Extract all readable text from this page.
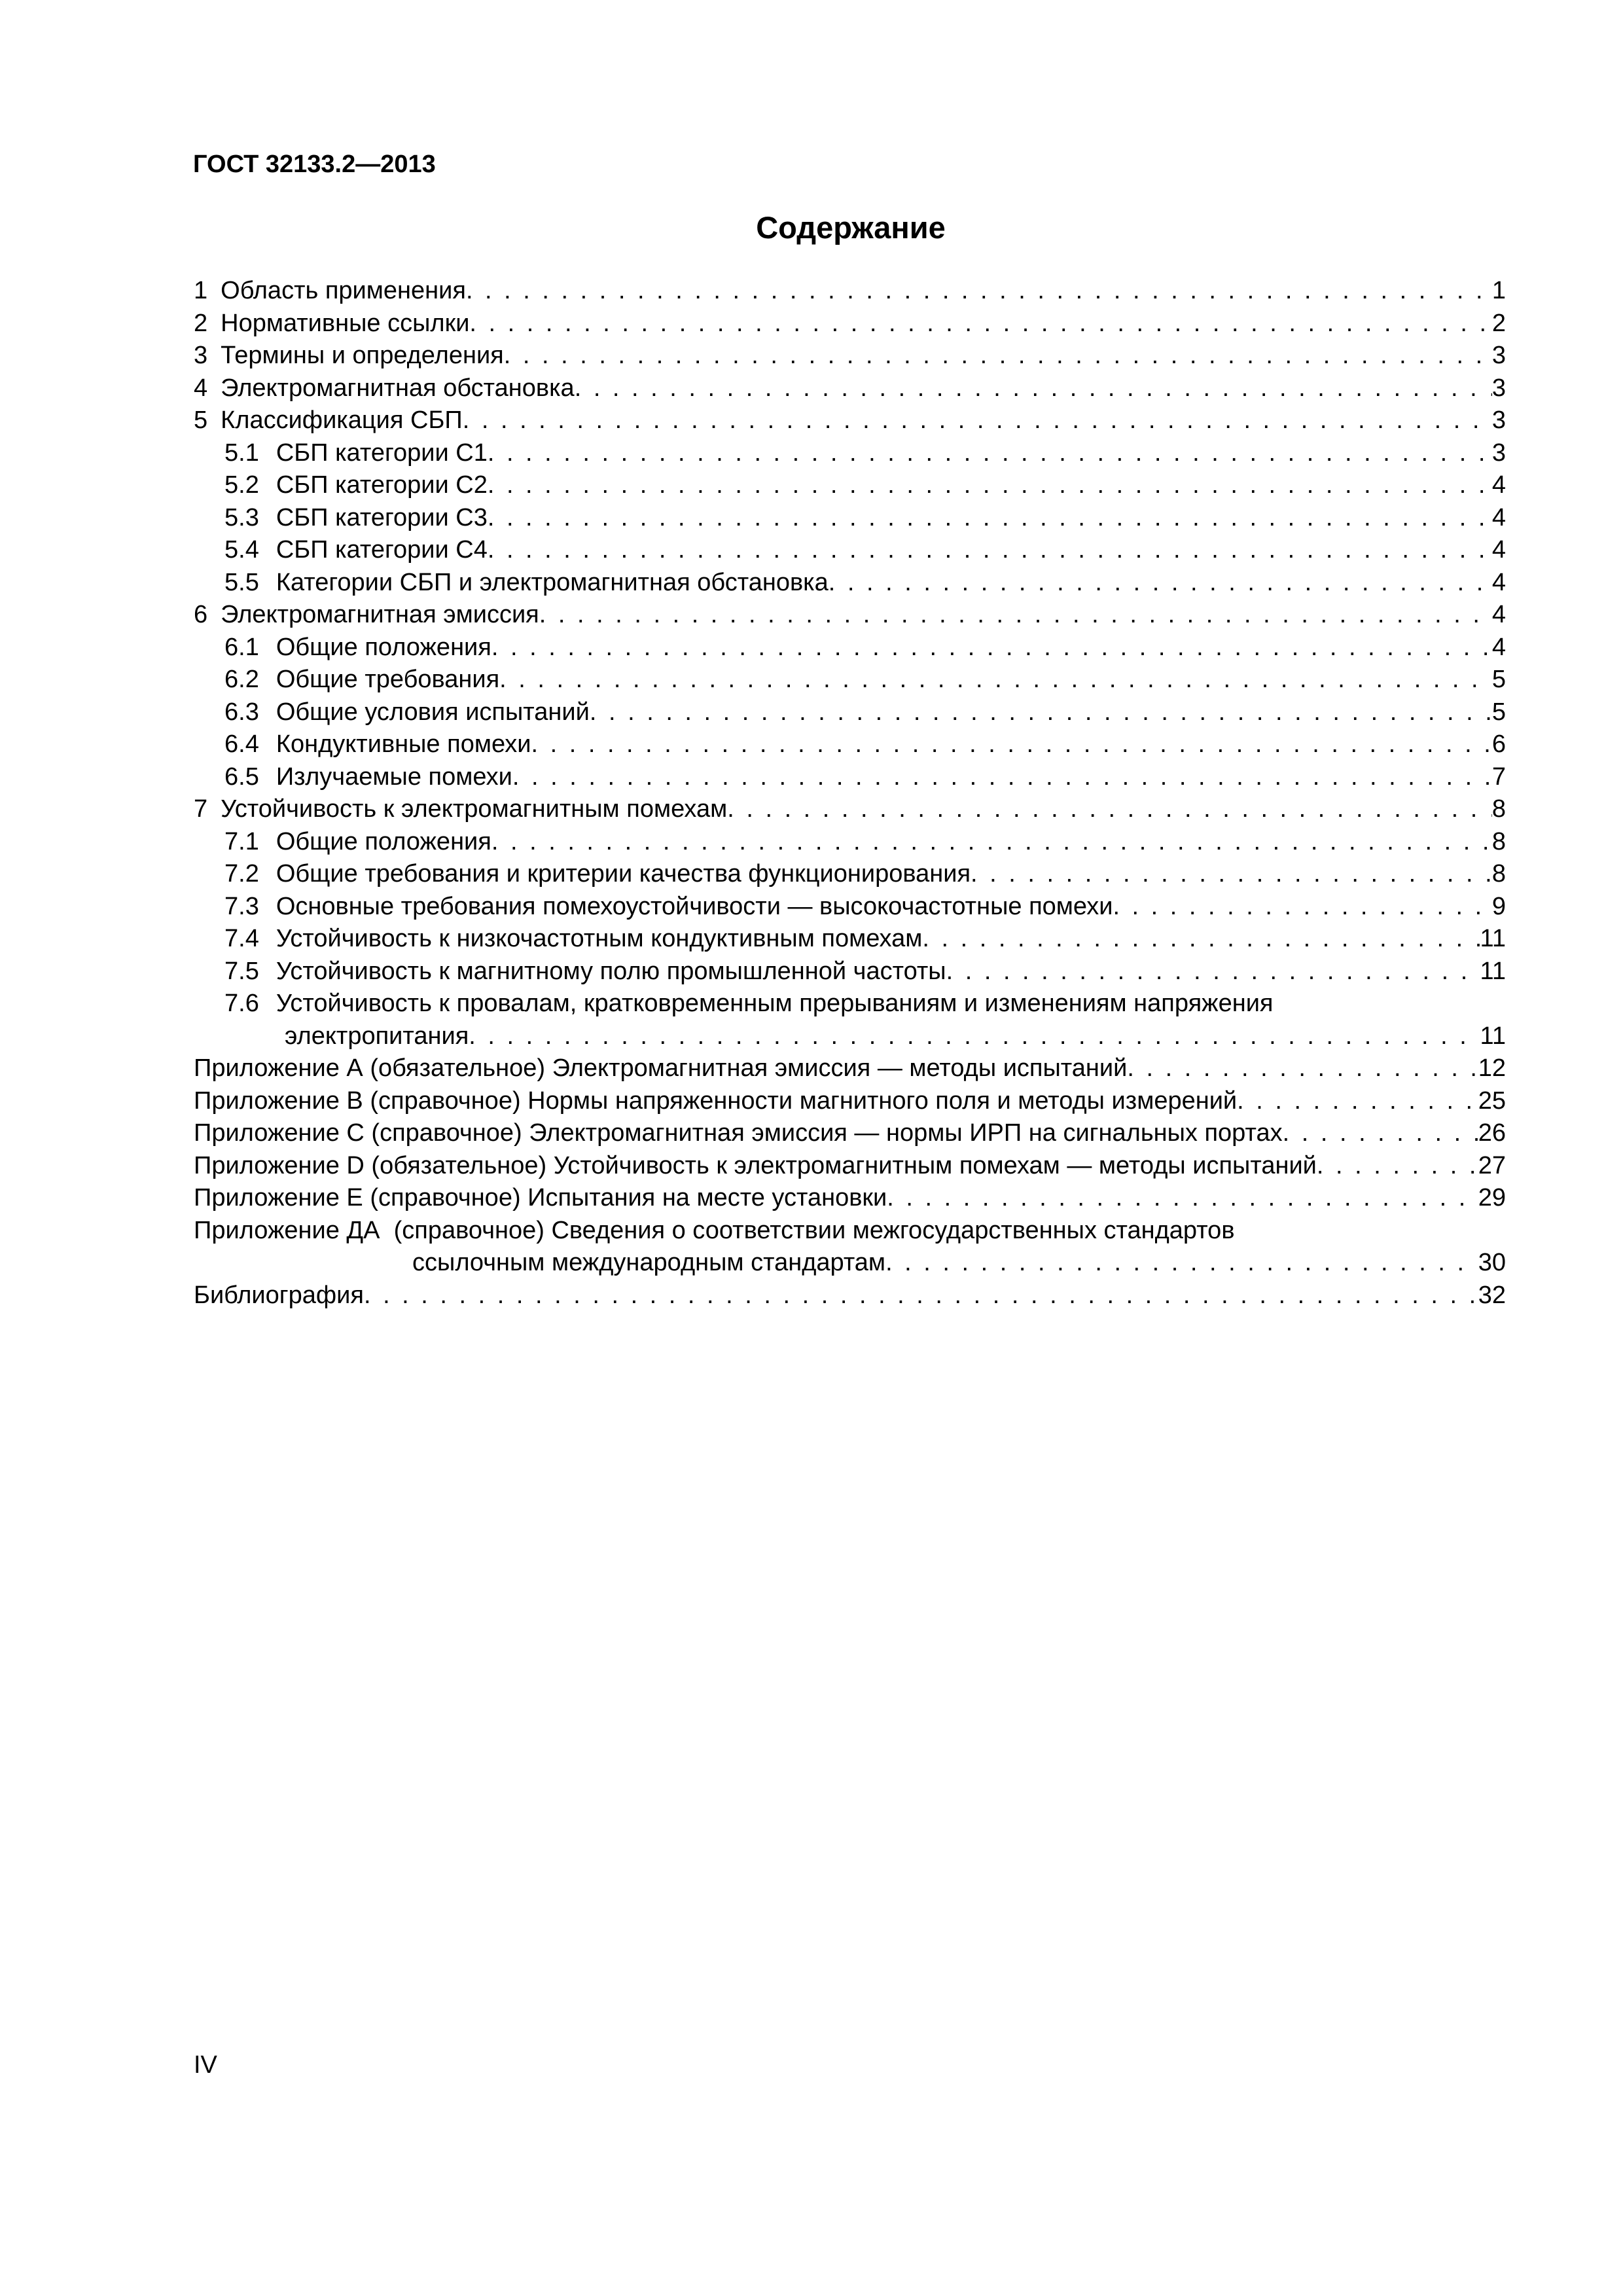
ГОСТ 32133.2—2013
Содержание
1 Область применения . . .	1
2 Нормативные ссылки . . .	2
3 Термины и определения . . .	3
4 Электромагнитная обстановка . . .	3
5 Классификация СБП . . .	3
5.1 СБП категории С1 . . .	3
5.2 СБП категории С2 . . .	4
5.3 СБП категории С3 . . .	4
5.4 СБП категории С4 . . .	4
5.5 Категории СБП и электромагнитная обстановка . . .	4
6 Электромагнитная эмиссия . . .	4
6.1 Общие положения . . .	4
6.2 Общие требования . . .	5
6.3 Общие условия испытаний . . .	5
6.4 Кондуктивные помехи . . .	6
6.5 Излучаемые помехи . . .	7
7 Устойчивость к электромагнитным помехам . . .	8
7.1 Общие положения . . .	8
7.2 Общие требования и критерии качества функционирования . . .	8
7.3 Основные требования помехоустойчивости — высокочастотные помехи . . .	9
7.4 Устойчивость к низкочастотным кондуктивным помехам . . .	11
7.5 Устойчивость к магнитному полю промышленной частоты . . .	11
7.6 Устойчивость к провалам, кратковременным прерываниям и изменениям напряжения
электропитания . . .	11
Приложение А (обязательное) Электромагнитная эмиссия — методы испытаний . . .	12
Приложение В (справочное) Нормы напряженности магнитного поля и методы измерений . . .	25
Приложение С (справочное) Электромагнитная эмиссия — нормы ИРП на сигнальных портах . . .	26
Приложение D (обязательное) Устойчивость к электромагнитным помехам — методы испытаний . . .	27
Приложение Е (справочное) Испытания на месте установки . . .	29
Приложение ДА  (справочное) Сведения о соответствии межгосударственных стандартов
ссылочным международным стандартам . . .	30
Библиография . . .	32
IV
